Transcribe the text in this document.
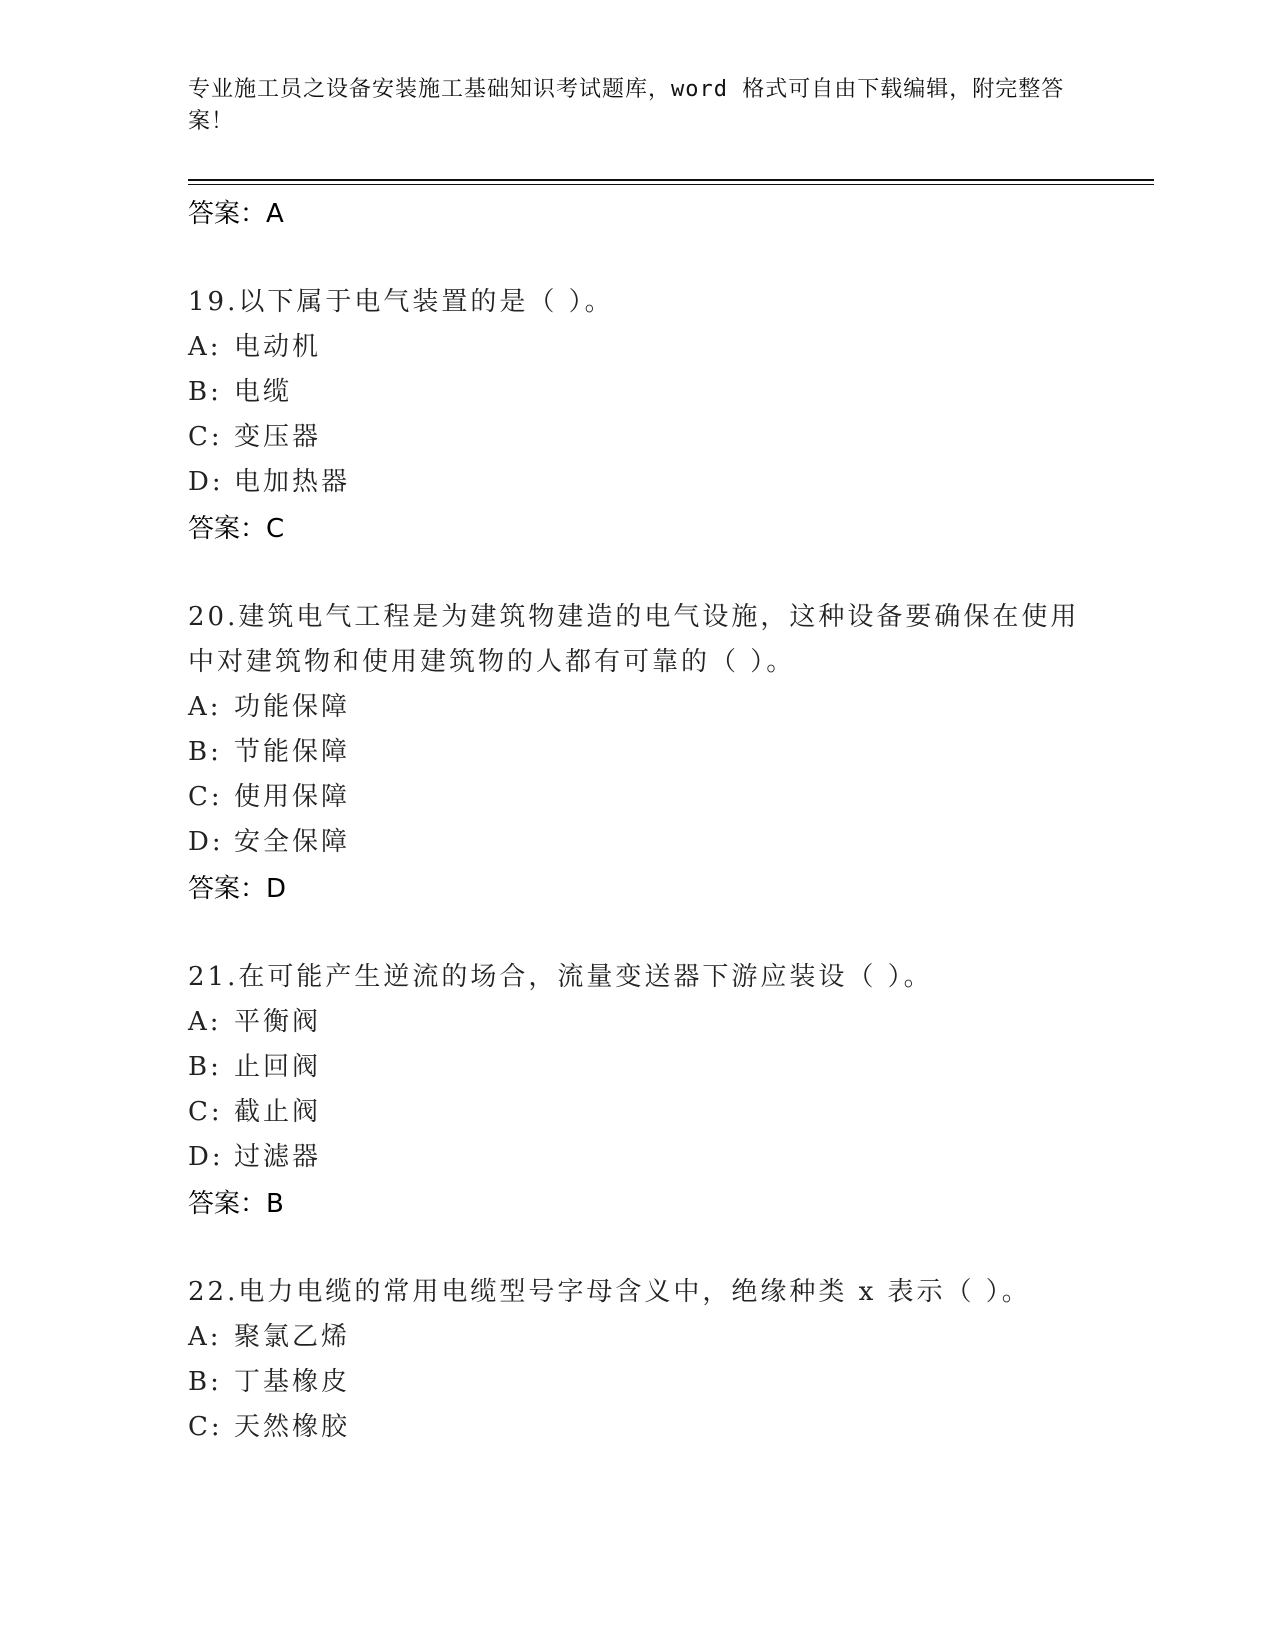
专业施工员之设备安装施工基础知识考试题库，word 格式可自由下载编辑，附完整答案！
答案：A
19.以下属于电气装置的是（ ）。
A: 电动机
B: 电缆
C: 变压器
D: 电加热器
答案：C
20.建筑电气工程是为建筑物建造的电气设施，这种设备要确保在使用中对建筑物和使用建筑物的人都有可靠的（ ）。
A: 功能保障
B: 节能保障
C: 使用保障
D: 安全保障
答案：D
21.在可能产生逆流的场合，流量变送器下游应装设（ ）。
A: 平衡阀
B: 止回阀
C: 截止阀
D: 过滤器
答案：B
22.电力电缆的常用电缆型号字母含义中，绝缘种类 x 表示（ ）。
A: 聚氯乙烯
B: 丁基橡皮
C: 天然橡胶
